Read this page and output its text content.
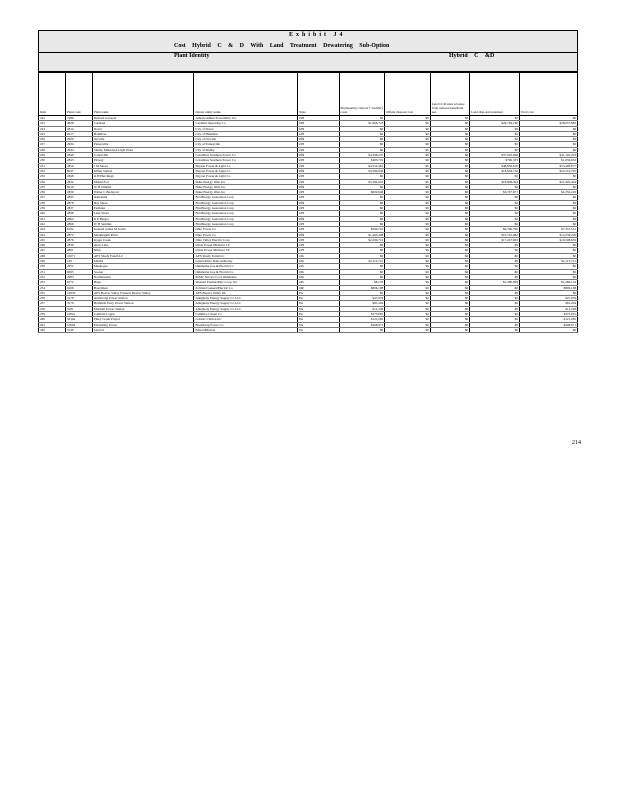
Exhibit J4
Cost Hybrid C & D With Land Treatment Dewatering Sub-Option
Plant Identity	Hybrid C &D
Item	Plant code	Plant name	Owner entity name	State	Engineering controls + ancillary costs	Offsite disposal cost	Land CCR sales revenue from reduced beneficial use	Land disposal treatment	Total cost
222	7286	Richard Gorsuch	AmericanMun PowerOhio, Inc	OH	$0	$0	$0	$0	$0
223	2828	Cardinal	Cardinal Operating Co	OH	$1,968,723	$0	$0	$26,749,160	$28,657,883
224	2814	Dover	City of Dover	OH	$0	$0	$0	$0	$0
225	2917	Hamilton	City of Hamilton	OH	$0	$0	$0	$0	$0
226	2920	Orrville	City of Orrville	OH	$0	$0	$0	$0	$0
227	2934	Painesville	City of Painesville	OH	$0	$0	$0	$0	$0
228	2943	Shelby Municipal Light Plant	City of Shelby	OH	$0	$0	$0	$0	$0
229	2840	Conesville	Columbus Southern Power Co	OH	$4,396,237	$0	$0	$37,005,966	$41,102,203
230	2843	Picway	Columbus Southern Power Co	OH	$363,719	$0	$0	$796,333	$1,059,052
231	2850	J M Stuart	Dayton Power & Light Co	OH	$4,552,461	$0	$0	$48,856,616	$53,409,077
232	6031	Killen Station	Dayton Power & Light Co	OH	$3,580,636	$0	$0	$18,939,150	$22,519,795
233	2848	O H Hutchings	Dayton Power & Light Co	OH	$0	$0	$0	$0	$0
234	2832	Miami Fort	Duke Energy Ohio Inc	OH	$5,184,010	$0	$0	$16,808,394	$21,992,404
235	6019	W H Zimmer	Duke Energy Ohio Inc	OH	$0	$0	$0	$0	$0
236	2830	Walter C Beckjord	Duke Energy Ohio Inc	OH	$602,948	$0	$0	$3,747,677	$4,350,226
237	2835	Ashtabula	FirstEnergy Generation Corp	OH	$0	$0	$0	$0	$0
238	2878	Bay Shore	FirstEnergy Generation Corp	OH	$0	$0	$0	$0	$0
239	2837	Eastlake	FirstEnergy Generation Corp	OH	$0	$0	$0	$0	$0
240	2838	Lake Shore	FirstEnergy Generation Corp	OH	$0	$0	$0	$0	$0
241	2864	R E Burger	FirstEnergy Generation Corp	OH	$0	$0	$0	$0	$0
242	2866	W H Sammis	FirstEnergy Generation Corp	OH	$0	$0	$0	$0	$0
243	8102	General James M Gavin	Ohio Power Co	OH	$560,716	$0	$0	$6,796,796	$7,357,512
244	2872	Muskingum River	Ohio Power Co	OH	$1,493,208	$0	$0	$10,745,982	$12,239,220
245	2876	Kyger Creek	Ohio Valley Electric Corp	OH	$2,260,712	$0	$0	$17,247,963	$19,508,655
246	2836	Avon Lake	Orion Power Midwest LP	OH	$0	$0	$0	$0	$0
247	2861	Niles	Orion Power Midwest LP	OH	$0	$0	$0	$0	$0
248	10671	AES Shady PointLLC	AES Shady PointLLC	OK	$0	$0	$0	$0	$0
249	165	GRDA	Grand River Dam Authority	OK	$2,112,721	$0	$0	$0	$2,112,721
250	2952	Muskogee	Oklahoma Gas & ElectricCo	OK	$0	$0	$0	$0	$0
251	6095	Sooner	Oklahoma Gas & ElectricCo	OK	$0	$0	$0	$0	$0
252	2963	Northeastern	Public Service Coof Oklahoma	OK	$0	$0	$0	$0	$0
253	6772	Hugo	Western FarmersElec Coop, Inc	OK	$8,176	$0	$0	$1,260,958	$1,269,134
254	6106	Boardman	Portland GeneralElectric Co	OR	$806,108	$0	$0	$0	$806,108
255	10676	AES Beaver Valley Partners Beaver Valley	AES Beaver Valley PA	PA	$0	$0	$0	$0	$0
256	3178	Armstrong Power Station	Allegheny Energy Supply Co LLC	PA	$47,979	$0	$0	$0	$47,979
257	3179	Hatfields Ferry Power Station	Allegheny Energy Supply Co LLC	PA	$81,204	$0	$0	$0	$81,204
258	3181	Mitchell Power Station	Allegheny Energy Supply Co LLC	PA	$12,228	$0	$0	$0	$12,228
259	10641	Cambria Cogen	Cambria CoGen Co	PA	$375,691	$0	$0	$0	$375,691
260	50144	Piney Creek Project	Colmac Clarion Inc	PA	$121,065	$0	$0	$0	$121,065
261	10603	Ebensburg Power	Ebensburg Power Co	PA	$408,971	$0	$0	$0	$408,971
262	3130	Seward	EdisonMission	PA	$0	$0	$0	$0	$0
214
